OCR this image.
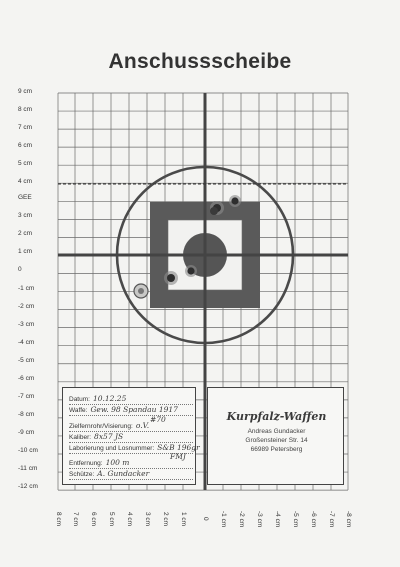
Anschussscheibe
9 cm
8 cm
7 cm
6 cm
5 cm
4 cm
GEE
3 cm
2 cm
1 cm
0
-1 cm
-2 cm
-3 cm
-4 cm
-5 cm
-6 cm
-7 cm
-8 cm
-9 cm
-10 cm
-11 cm
-12 cm
8 cm	7 cm	6 cm	5 cm	4 cm	3 cm	2 cm	1 cm	0	-1 cm	-2 cm	-3 cm	-4 cm	-5 cm	-6 cm	-7 cm	-8 cm
Datum: 10.12.25
Waffe: Gew. 98 Spandau 1917
#70
Zielfernrohr/Visierung: o.V.
Kaliber: 8x57 JS
Laborierung und Losnummer: S&B 196gr
FMJ
Entfernung: 100 m
Schütze: A. Gundacker
Kurpfalz-Waffen
Andreas Gundacker
Großensteiner Str. 14
66989 Petersberg
